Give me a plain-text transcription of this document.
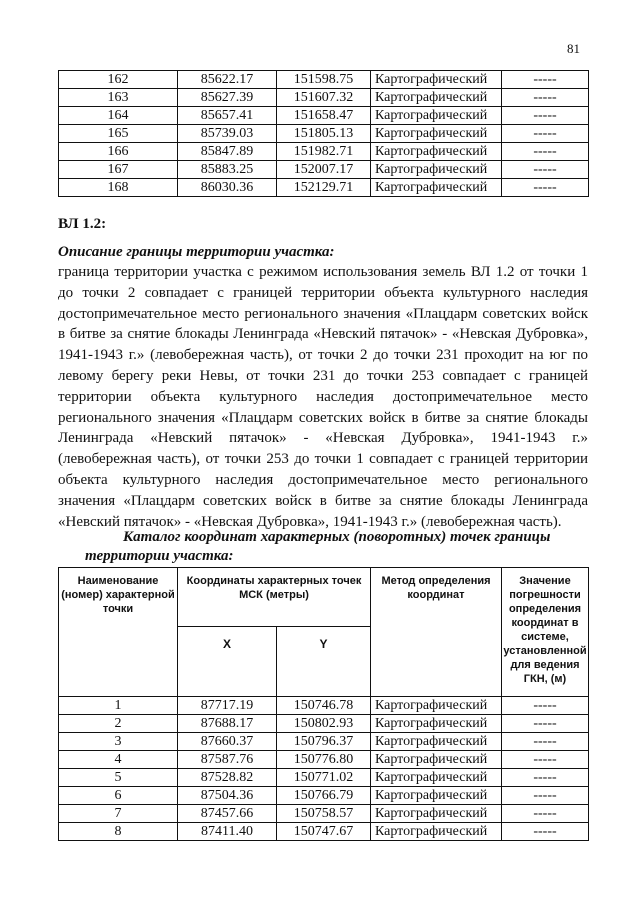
81
162	85622.17	151598.75	Картографический	-----
163	85627.39	151607.32	Картографический	-----
164	85657.41	151658.47	Картографический	-----
165	85739.03	151805.13	Картографический	-----
166	85847.89	151982.71	Картографический	-----
167	85883.25	152007.17	Картографический	-----
168	86030.36	152129.71	Картографический	-----
ВЛ 1.2:
Описание границы территории участка:
граница территории участка с режимом использования земель ВЛ 1.2 от точки 1 до точки 2 совпадает с границей территории объекта культурного наследия достопримечательное место регионального значения «Плацдарм советских войск в битве за снятие блокады Ленинграда «Невский пятачок» - «Невская Дубровка», 1941-1943 г.» (левобережная часть), от точки 2 до точки 231 проходит на юг по левому берегу реки Невы, от точки 231 до точки 253 совпадает с границей территории объекта культурного наследия достопримечательное место регионального значения «Плацдарм советских войск в битве за снятие блокады Ленинграда «Невский пятачок» - «Невская Дубровка», 1941-1943 г.» (левобережная часть), от точки 253 до точки 1 совпадает с границей территории объекта культурного наследия достопримечательное место регионального значения «Плацдарм советских войск в битве за снятие блокады Ленинграда «Невский пятачок» - «Невская Дубровка», 1941-1943 г.» (левобережная часть).
Каталог координат характерных (поворотных) точек границы
территории участка:
Наименование (номер) характерной точки	Координаты характерных точек МСК (метры)		Метод определения координат	Значение погрешности определения координат в системе, установленной для ведения ГКН, (м)
	X	Y		
1	87717.19	150746.78	Картографический	-----
2	87688.17	150802.93	Картографический	-----
3	87660.37	150796.37	Картографический	-----
4	87587.76	150776.80	Картографический	-----
5	87528.82	150771.02	Картографический	-----
6	87504.36	150766.79	Картографический	-----
7	87457.66	150758.57	Картографический	-----
8	87411.40	150747.67	Картографический	-----
